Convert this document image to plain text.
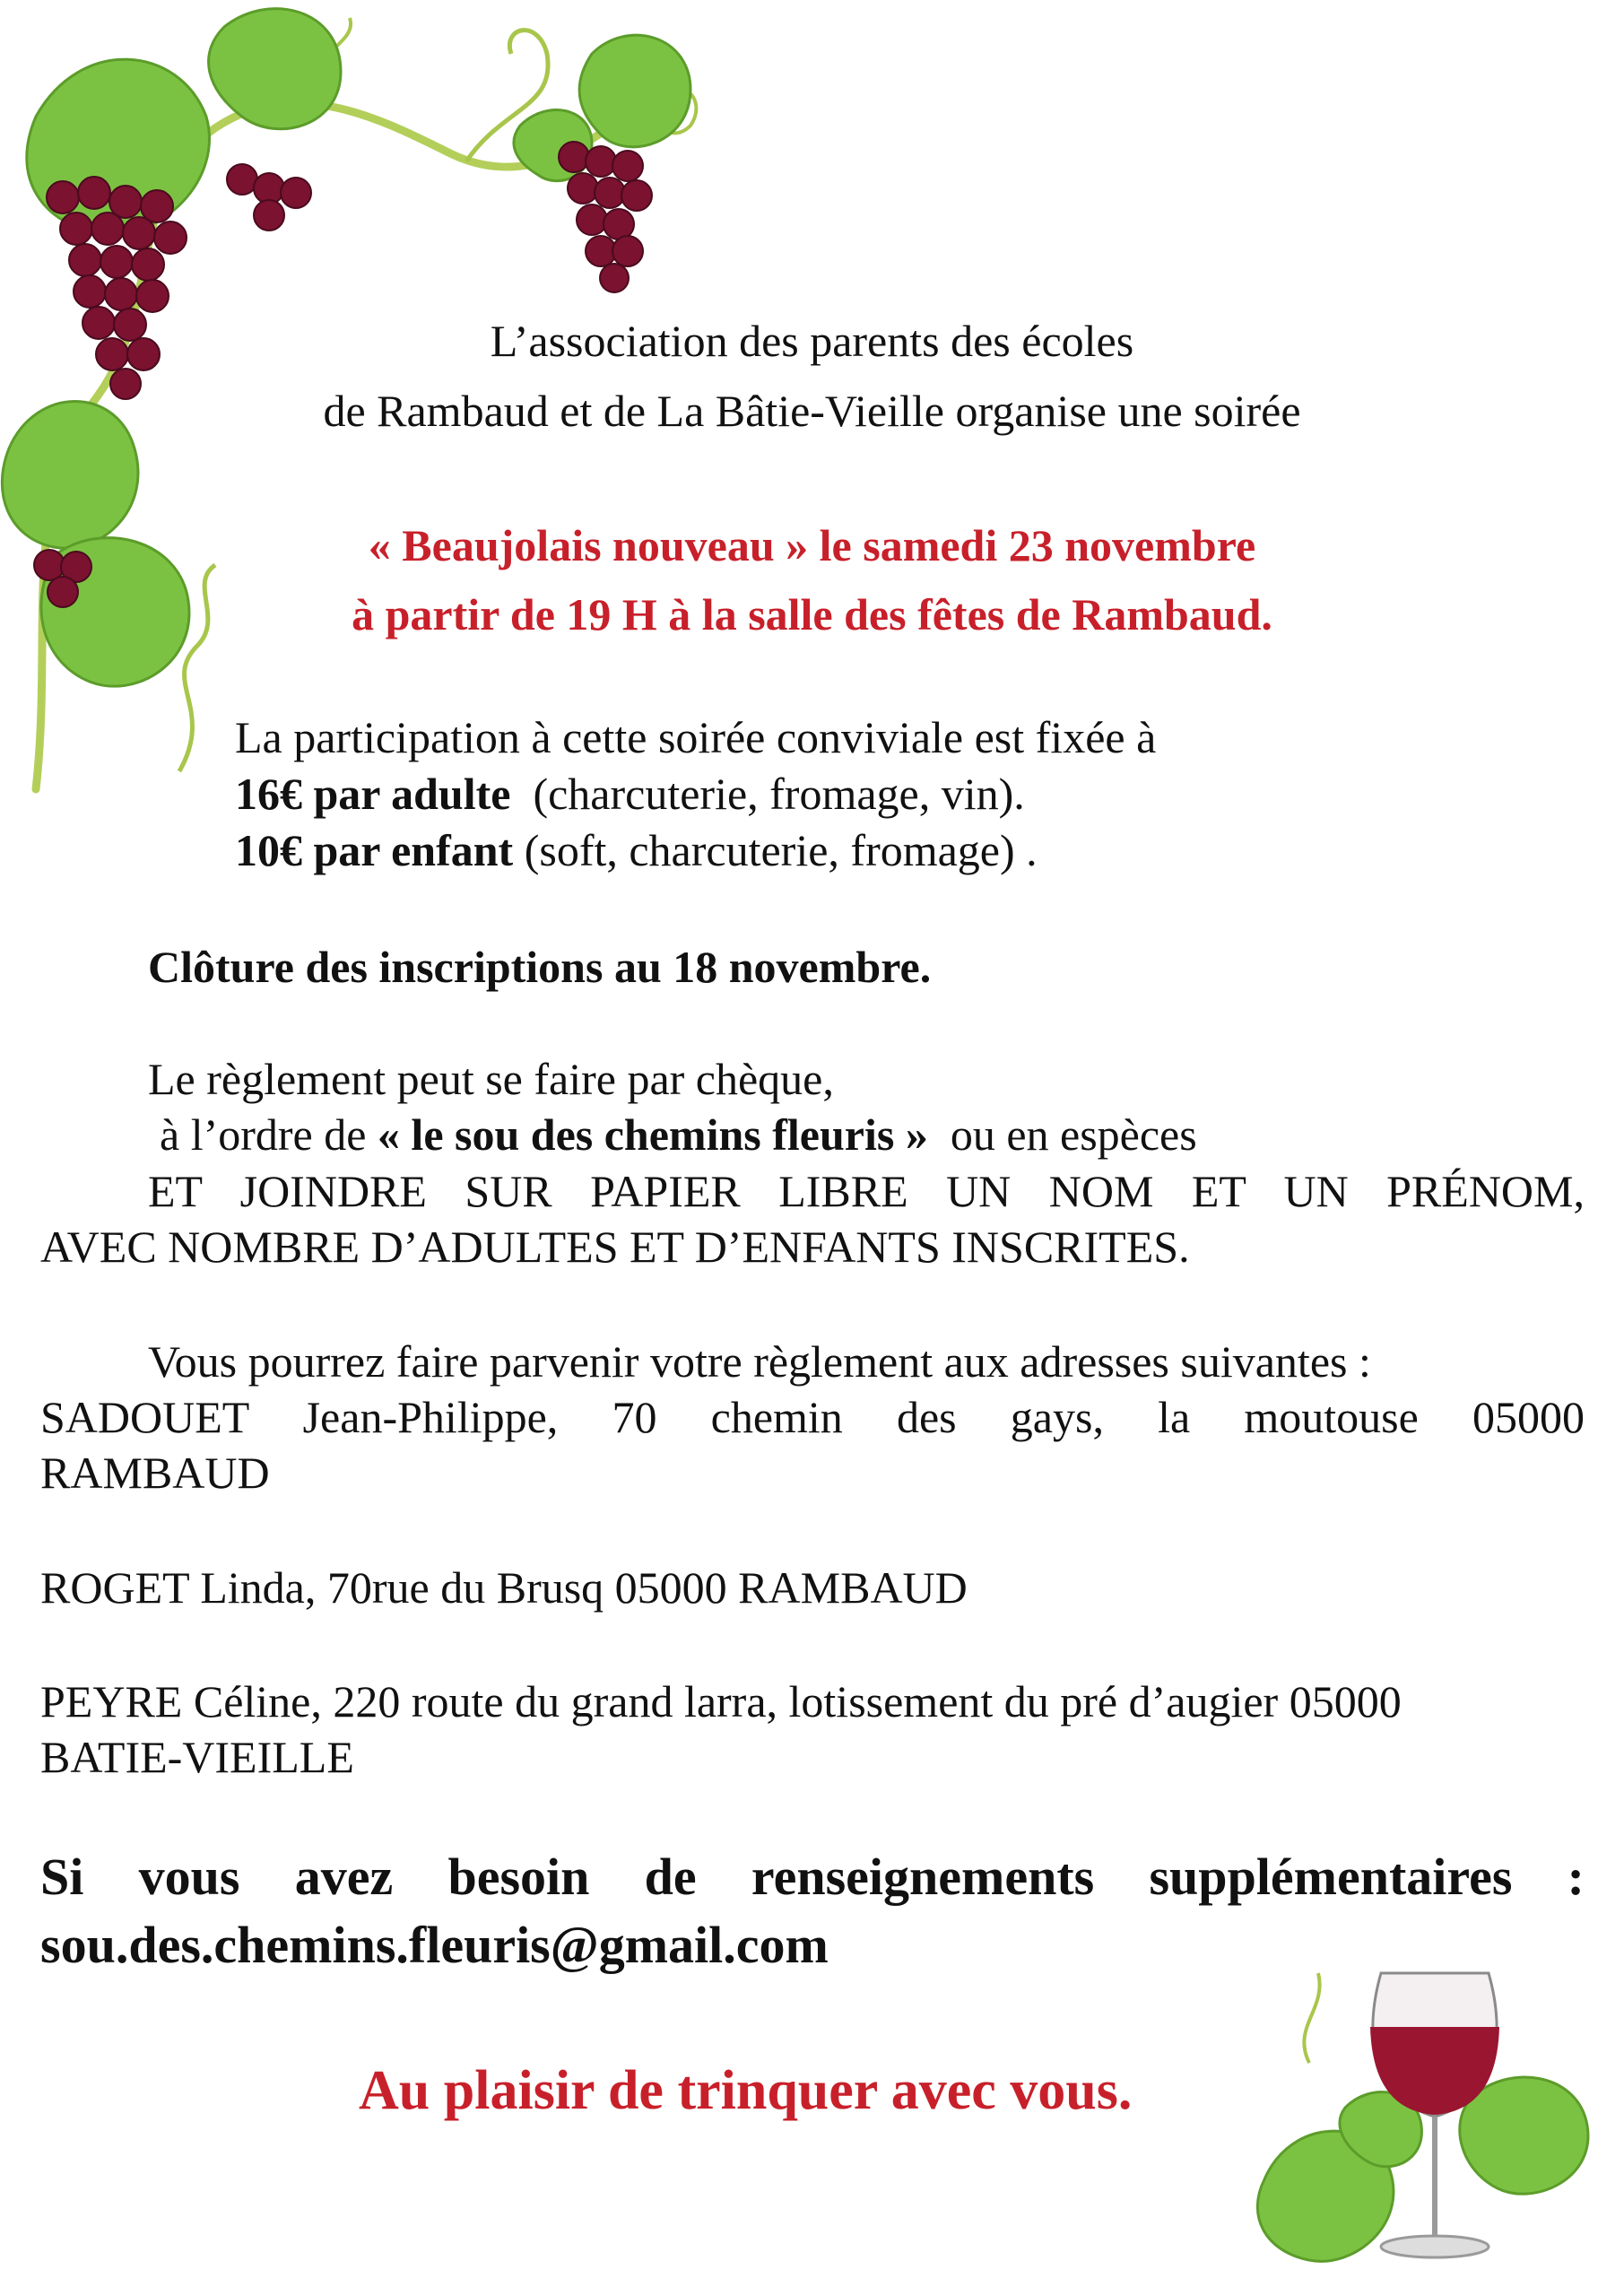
L’association des parents des écoles
de Rambaud et de La Bâtie-Vieille organise une soirée
« Beaujolais nouveau » le samedi 23 novembre
à partir de 19 H à la salle des fêtes de Rambaud.
La participation à cette soirée conviviale est fixée à
16€ par adulte (charcuterie, fromage, vin).
10€ par enfant (soft, charcuterie, fromage) .
Clôture des inscriptions au 18 novembre.
Le règlement peut se faire par chèque,
à l’ordre de « le sou des chemins fleuris » ou en espèces
ET JOINDRE SUR PAPIER LIBRE UN NOM ET UN PRÉNOM,
AVEC NOMBRE D’ADULTES ET D’ENFANTS INSCRITES.
Vous pourrez faire parvenir votre règlement aux adresses suivantes :
SADOUET Jean-Philippe, 70 chemin des gays, la moutouse 05000
RAMBAUD
ROGET Linda, 70rue du Brusq 05000 RAMBAUD
PEYRE Céline, 220 route du grand larra, lotissement du pré d’augier 05000
BATIE-VIEILLE
Si vous avez besoin de renseignements supplémentaires :
sou.des.chemins.fleuris@gmail.com
Au plaisir de trinquer avec vous.
